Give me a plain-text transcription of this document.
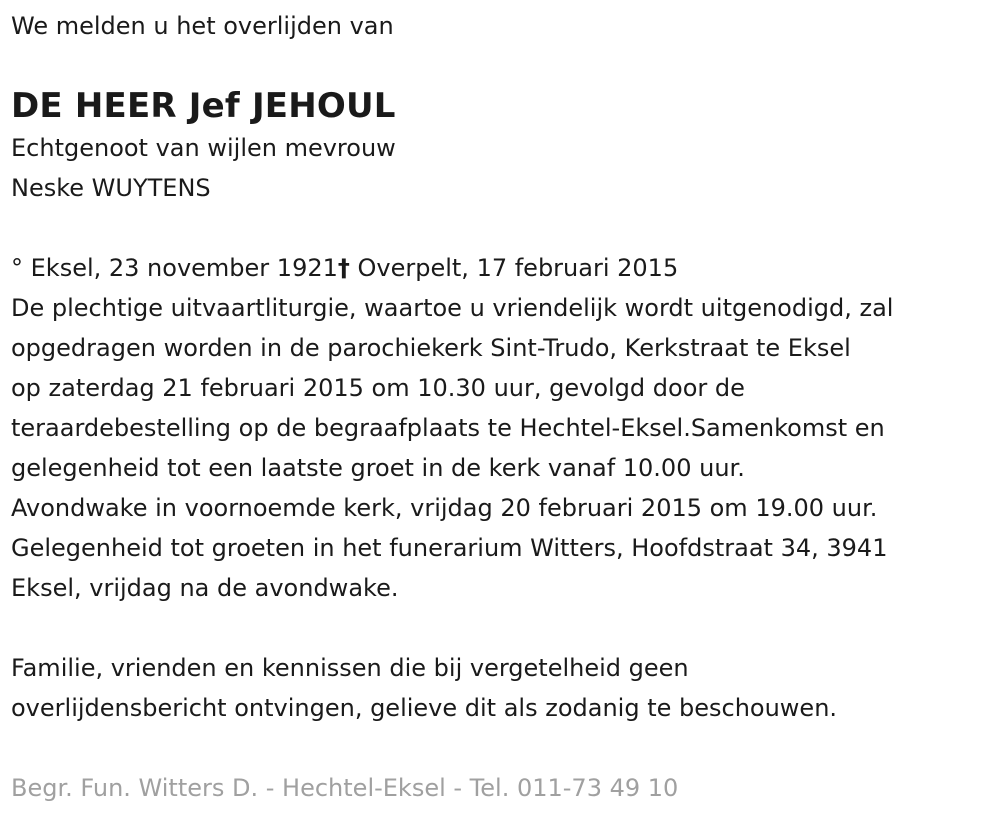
We melden u het overlijden van

DE HEER Jef JEHOUL

Echtgenoot van wijlen mevrouw

Neske WUYTENS

° Eksel, 23 november 1921† Overpelt, 17 februari 2015

De plechtige uitvaartliturgie, waartoe u vriendelijk wordt uitgenodigd, zal

opgedragen worden in de parochiekerk Sint-Trudo, Kerkstraat te Eksel

op zaterdag 21 februari 2015 om 10.30 uur, gevolgd door de

teraardebestelling op de begraafplaats te Hechtel-Eksel.Samenkomst en

gelegenheid tot een laatste groet in de kerk vanaf 10.00 uur.

Avondwake in voornoemde kerk, vrijdag 20 februari 2015 om 19.00 uur.

Gelegenheid tot groeten in het funerarium Witters, Hoofdstraat 34, 3941

Eksel, vrijdag na de avondwake.

Familie, vrienden en kennissen die bij vergetelheid geen

overlijdensbericht ontvingen, gelieve dit als zodanig te beschouwen.

Begr. Fun. Witters D. - Hechtel-Eksel - Tel. 011-73 49 10
